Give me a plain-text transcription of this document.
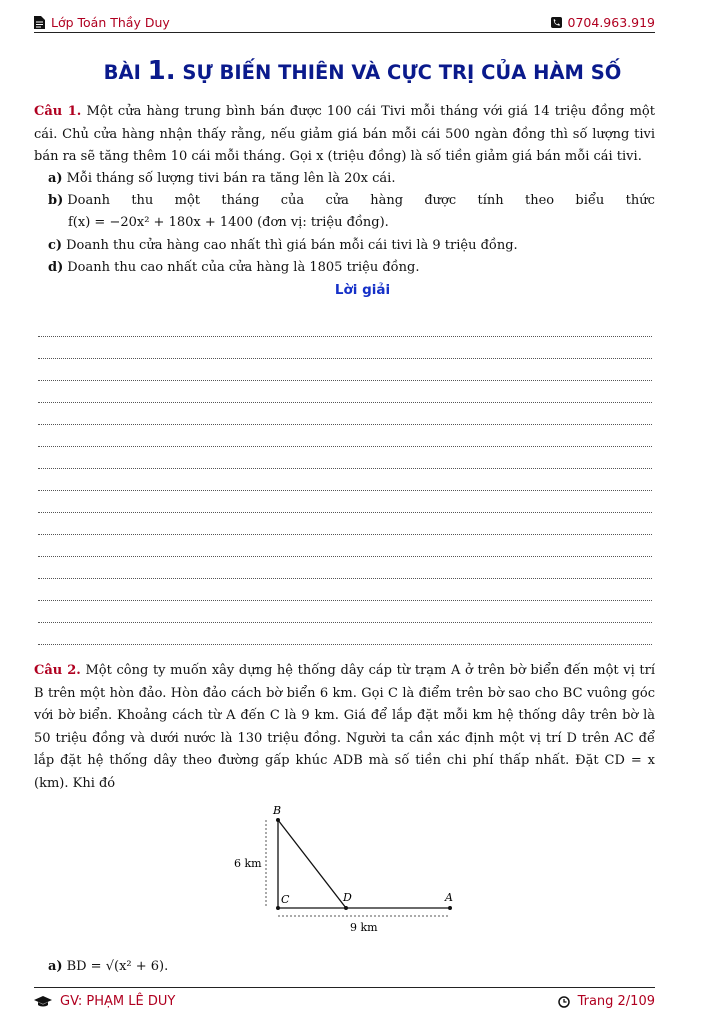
Lớp Toán Thầy Duy	0704.963.919
BÀI 1. SỰ BIẾN THIÊN VÀ CỰC TRỊ CỦA HÀM SỐ
Câu 1. Một cửa hàng trung bình bán được 100 cái Tivi mỗi tháng với giá 14 triệu đồng một cái. Chủ cửa hàng nhận thấy rằng, nếu giảm giá bán mỗi cái 500 ngàn đồng thì số lượng tivi bán ra sẽ tăng thêm 10 cái mỗi tháng. Gọi x (triệu đồng) là số tiền giảm giá bán mỗi cái tivi.
a) Mỗi tháng số lượng tivi bán ra tăng lên là 20x cái.
b) Doanh thu một tháng của cửa hàng được tính theo biểu thức
f(x) = −20x² + 180x + 1400 (đơn vị: triệu đồng).
c) Doanh thu cửa hàng cao nhất thì giá bán mỗi cái tivi là 9 triệu đồng.
d) Doanh thu cao nhất của cửa hàng là 1805 triệu đồng.
Lời giải
Câu 2. Một công ty muốn xây dựng hệ thống dây cáp từ trạm A ở trên bờ biển đến một vị trí B trên một hòn đảo. Hòn đảo cách bờ biển 6 km. Gọi C là điểm trên bờ sao cho BC vuông góc với bờ biển. Khoảng cách từ A đến C là 9 km. Giá để lắp đặt mỗi km hệ thống dây trên bờ là 50 triệu đồng và dưới nước là 130 triệu đồng. Người ta cần xác định một vị trí D trên AC để lắp đặt hệ thống dây theo đường gấp khúc ADB mà số tiền chi phí thấp nhất. Đặt CD = x (km). Khi đó
B
C	D	A
6 km
9 km
a) BD = √(x² + 6).
GV: PHẠM LÊ DUY	Trang 2/109
